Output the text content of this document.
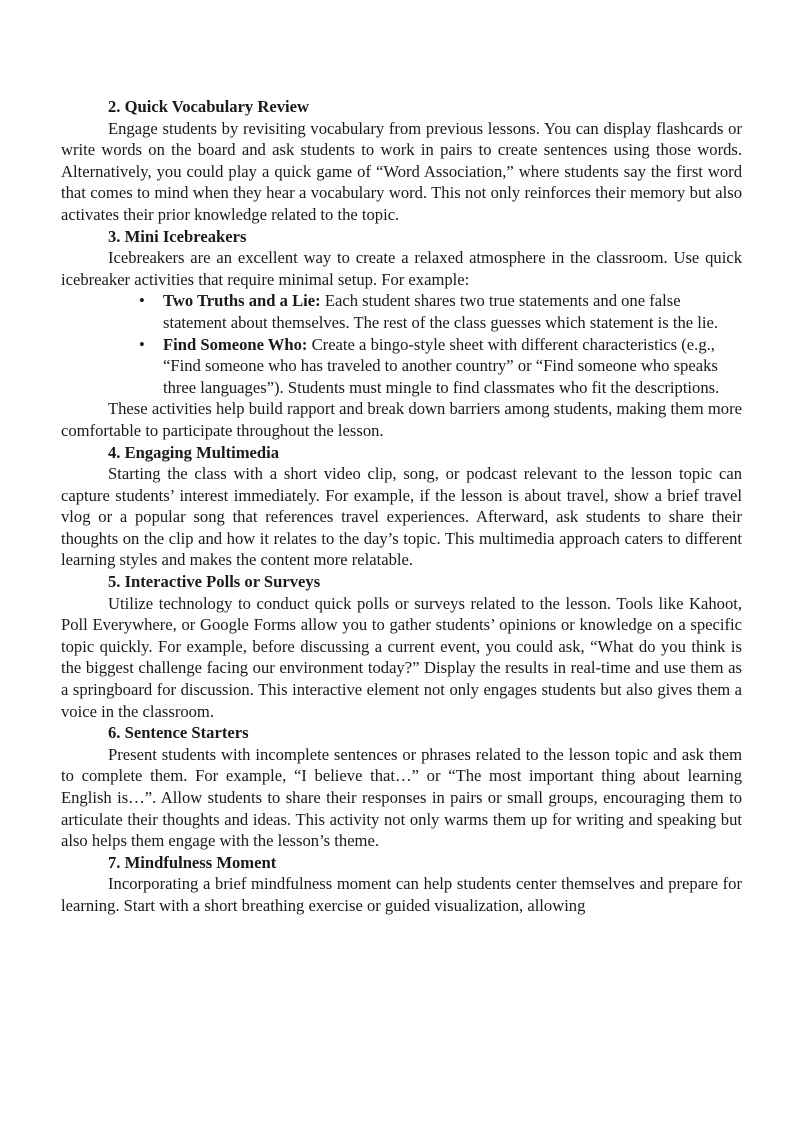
2. Quick Vocabulary Review

Engage students by revisiting vocabulary from previous lessons. You can display flashcards or write words on the board and ask students to work in pairs to create sentences using those words. Alternatively, you could play a quick game of “Word Association,” where students say the first word that comes to mind when they hear a vocabulary word. This not only reinforces their memory but also activates their prior knowledge related to the topic.

3. Mini Icebreakers

Icebreakers are an excellent way to create a relaxed atmosphere in the classroom. Use quick icebreaker activities that require minimal setup. For example:

• Two Truths and a Lie: Each student shares two true statements and one false statement about themselves. The rest of the class guesses which statement is the lie.
• Find Someone Who: Create a bingo-style sheet with different characteristics (e.g., “Find someone who has traveled to another country” or “Find someone who speaks three languages”). Students must mingle to find classmates who fit the descriptions.

These activities help build rapport and break down barriers among students, making them more comfortable to participate throughout the lesson.

4. Engaging Multimedia

Starting the class with a short video clip, song, or podcast relevant to the lesson topic can capture students’ interest immediately. For example, if the lesson is about travel, show a brief travel vlog or a popular song that references travel experiences. Afterward, ask students to share their thoughts on the clip and how it relates to the day’s topic. This multimedia approach caters to different learning styles and makes the content more relatable.

5. Interactive Polls or Surveys

Utilize technology to conduct quick polls or surveys related to the lesson. Tools like Kahoot, Poll Everywhere, or Google Forms allow you to gather students’ opinions or knowledge on a specific topic quickly. For example, before discussing a current event, you could ask, “What do you think is the biggest challenge facing our environment today?” Display the results in real-time and use them as a springboard for discussion. This interactive element not only engages students but also gives them a voice in the classroom.

6. Sentence Starters

Present students with incomplete sentences or phrases related to the lesson topic and ask them to complete them. For example, “I believe that…” or “The most important thing about learning English is…”. Allow students to share their responses in pairs or small groups, encouraging them to articulate their thoughts and ideas. This activity not only warms them up for writing and speaking but also helps them engage with the lesson’s theme.

7. Mindfulness Moment

Incorporating a brief mindfulness moment can help students center themselves and prepare for learning. Start with a short breathing exercise or guided visualization, allowing
